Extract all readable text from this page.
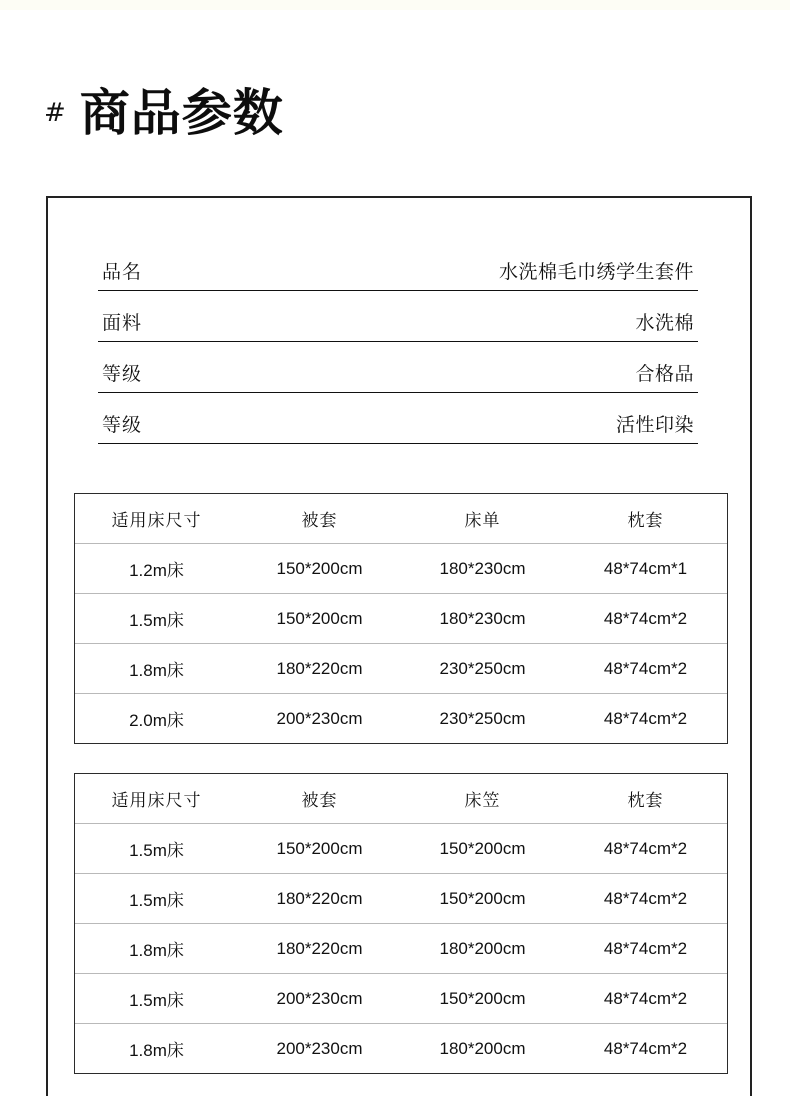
# 商品参数
品名	水洗棉毛巾绣学生套件
面料	水洗棉
等级	合格品
等级	活性印染
适用床尺寸	被套	床单	枕套
1.2m床	150*200cm	180*230cm	48*74cm*1
1.5m床	150*200cm	180*230cm	48*74cm*2
1.8m床	180*220cm	230*250cm	48*74cm*2
2.0m床	200*230cm	230*250cm	48*74cm*2
适用床尺寸	被套	床笠	枕套
1.5m床	150*200cm	150*200cm	48*74cm*2
1.5m床	180*220cm	150*200cm	48*74cm*2
1.8m床	180*220cm	180*200cm	48*74cm*2
1.5m床	200*230cm	150*200cm	48*74cm*2
1.8m床	200*230cm	180*200cm	48*74cm*2
